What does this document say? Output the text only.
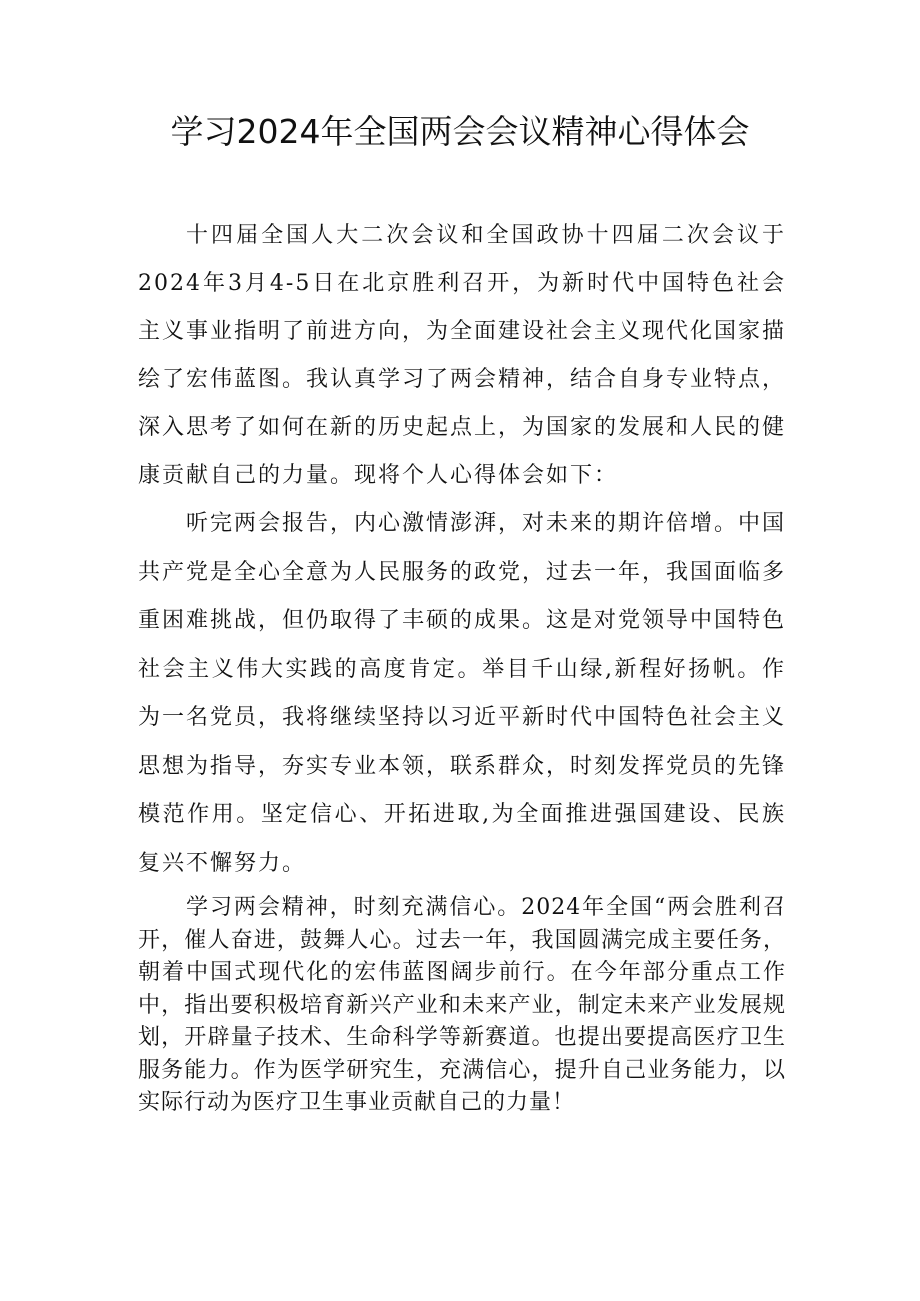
学习2024年全国两会会议精神心得体会

十四届全国人大二次会议和全国政协十四届二次会议于2024年3月4-5日在北京胜利召开，为新时代中国特色社会主义事业指明了前进方向，为全面建设社会主义现代化国家描绘了宏伟蓝图。我认真学习了两会精神，结合自身专业特点，深入思考了如何在新的历史起点上，为国家的发展和人民的健康贡献自己的力量。现将个人心得体会如下：

听完两会报告，内心激情澎湃，对未来的期许倍增。中国共产党是全心全意为人民服务的政党，过去一年，我国面临多重困难挑战，但仍取得了丰硕的成果。这是对党领导中国特色社会主义伟大实践的高度肯定。举目千山绿,新程好扬帆。作为一名党员，我将继续坚持以习近平新时代中国特色社会主义思想为指导，夯实专业本领，联系群众，时刻发挥党员的先锋模范作用。坚定信心、开拓进取,为全面推进强国建设、民族复兴不懈努力。

学习两会精神，时刻充满信心。2024年全国“两会胜利召开，催人奋进，鼓舞人心。过去一年，我国圆满完成主要任务，朝着中国式现代化的宏伟蓝图阔步前行。在今年部分重点工作中，指出要积极培育新兴产业和未来产业，制定未来产业发展规划，开辟量子技术、生命科学等新赛道。也提出要提高医疗卫生服务能力。作为医学研究生，充满信心，提升自己业务能力，以实际行动为医疗卫生事业贡献自己的力量！
